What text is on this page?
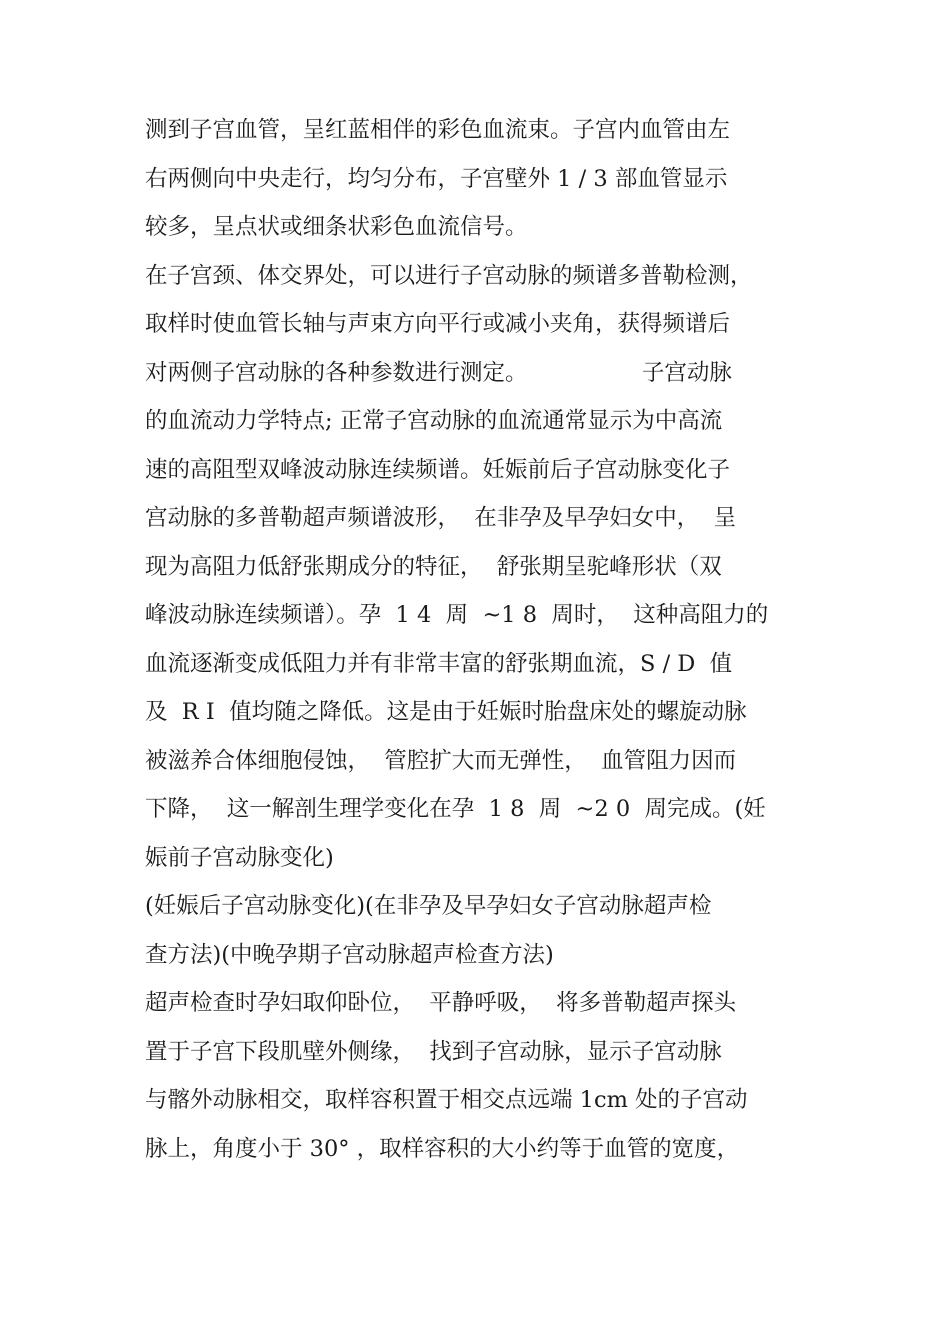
测到子宫血管，呈红蓝相伴的彩色血流束。子宫内血管由左
右两侧向中央走行，均匀分布，子宫壁外 1 / 3 部血管显示
较多，呈点状或细条状彩色血流信号。
在子宫颈、体交界处，可以进行子宫动脉的频谱多普勒检测，
取样时使血管长轴与声束方向平行或减小夹角，获得频谱后
对两侧子宫动脉的各种参数进行测定。                子宫动脉
的血流动力学特点; 正常子宫动脉的血流通常显示为中高流
速的高阻型双峰波动脉连续频谱。妊娠前后子宫动脉变化子
宫动脉的多普勒超声频谱波形，  在非孕及早孕妇女中，  呈
现为高阻力低舒张期成分的特征，  舒张期呈驼峰形状（双
峰波动脉连续频谱）。孕  1 4  周  ~1 8  周时，  这种高阻力的
血流逐渐变成低阻力并有非常丰富的舒张期血流，S / D  值
及  R I  值均随之降低。这是由于妊娠时胎盘床处的螺旋动脉
被滋养合体细胞侵蚀，  管腔扩大而无弹性，  血管阻力因而
下降，  这一解剖生理学变化在孕  1 8  周  ~2 0  周完成。(妊
娠前子宫动脉变化)
(妊娠后子宫动脉变化)(在非孕及早孕妇女子宫动脉超声检
查方法)(中晚孕期子宫动脉超声检查方法)
超声检查时孕妇取仰卧位，  平静呼吸，  将多普勒超声探头
置于子宫下段肌壁外侧缘，  找到子宫动脉，显示子宫动脉
与髂外动脉相交，取样容积置于相交点远端 1cm 处的子宫动
脉上，角度小于 30° ，取样容积的大小约等于血管的宽度，
